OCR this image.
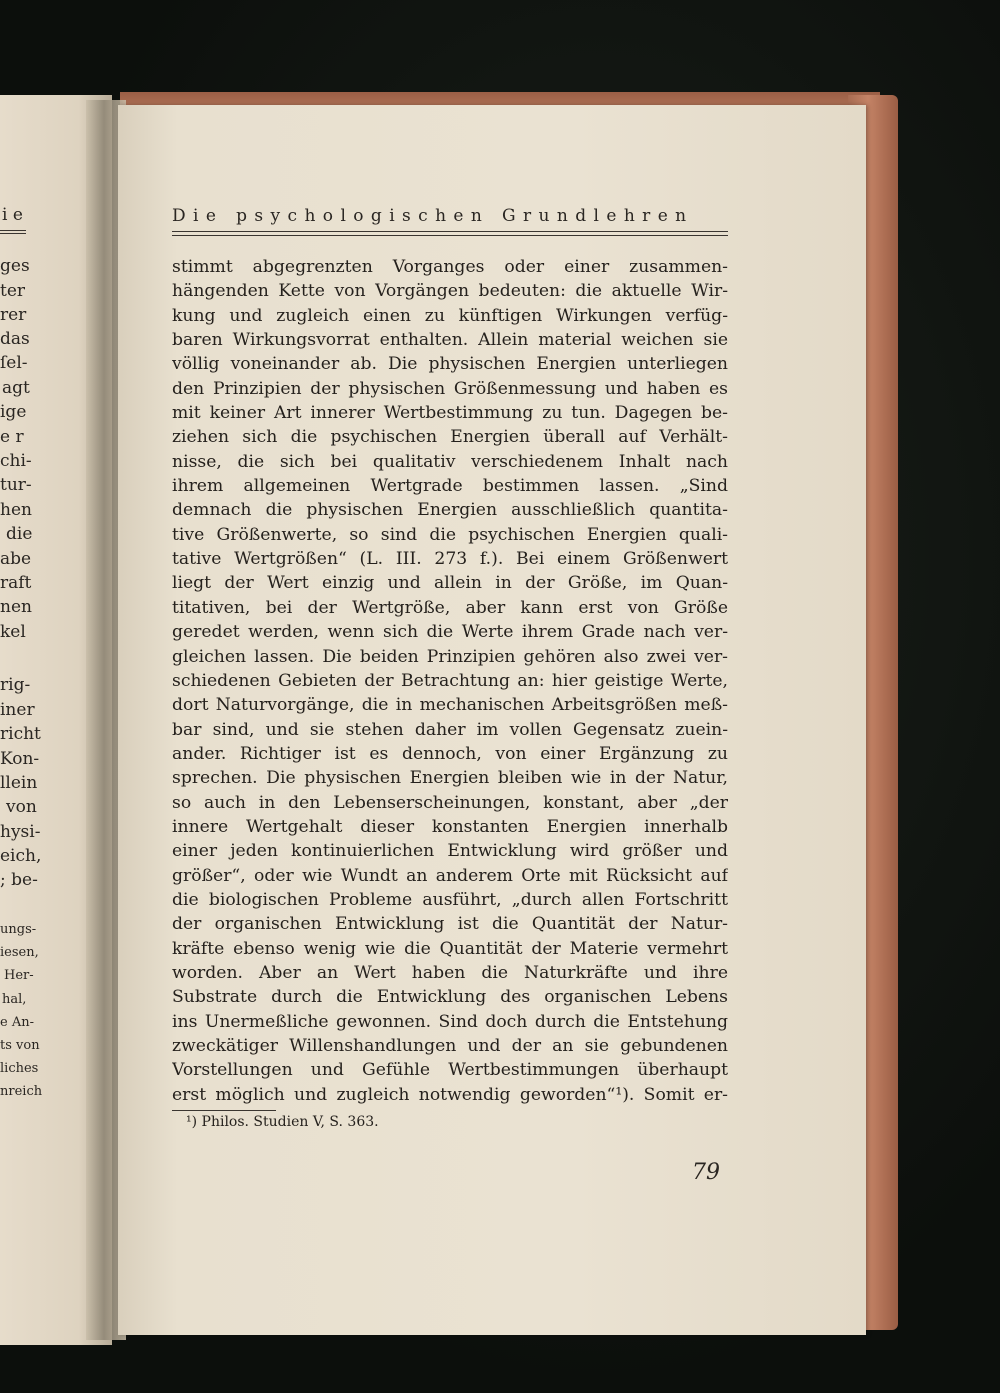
i e
ges
ter
rer
das
ſel-
agt
ige
e r
chi-
tur-
hen
die
abe
raft
nen
kel
rig-
iner
richt
Kon-
llein
von
hysi-
eich,
; be-
ungs-
iesen,
Her-
hal,
e An-
ts von
liches
nreich
Die psychologischen Grundlehren
stimmt abgegrenzten Vorganges oder einer zusammen-
hängenden Kette von Vorgängen bedeuten: die aktuelle Wir-
kung und zugleich einen zu künftigen Wirkungen verfüg-
baren Wirkungsvorrat enthalten. Allein material weichen sie
völlig voneinander ab. Die physischen Energien unterliegen
den Prinzipien der physischen Größenmessung und haben es
mit keiner Art innerer Wertbestimmung zu tun. Dagegen be-
ziehen sich die psychischen Energien überall auf Verhält-
nisse, die sich bei qualitativ verschiedenem Inhalt nach
ihrem allgemeinen Wertgrade bestimmen lassen. „Sind
demnach die physischen Energien ausschließlich quantita-
tive Größenwerte, so sind die psychischen Energien quali-
tative Wertgrößen“ (L. III. 273 f.). Bei einem Größenwert
liegt der Wert einzig und allein in der Größe, im Quan-
titativen, bei der Wertgröße, aber kann erst von Größe
geredet werden, wenn sich die Werte ihrem Grade nach ver-
gleichen lassen. Die beiden Prinzipien gehören also zwei ver-
schiedenen Gebieten der Betrachtung an: hier geistige Werte,
dort Naturvorgänge, die in mechanischen Arbeitsgrößen meß-
bar sind, und sie stehen daher im vollen Gegensatz zuein-
ander. Richtiger ist es dennoch, von einer Ergänzung zu
sprechen. Die physischen Energien bleiben wie in der Natur,
so auch in den Lebenserscheinungen, konstant, aber „der
innere Wertgehalt dieser konstanten Energien innerhalb
einer jeden kontinuierlichen Entwicklung wird größer und
größer“, oder wie Wundt an anderem Orte mit Rücksicht auf
die biologischen Probleme ausführt, „durch allen Fortschritt
der organischen Entwicklung ist die Quantität der Natur-
kräfte ebenso wenig wie die Quantität der Materie vermehrt
worden. Aber an Wert haben die Naturkräfte und ihre
Substrate durch die Entwicklung des organischen Lebens
ins Unermeßliche gewonnen. Sind doch durch die Entstehung
zweckätiger Willenshandlungen und der an sie gebundenen
Vorstellungen und Gefühle Wertbestimmungen überhaupt
erst möglich und zugleich notwendig geworden“¹). Somit er-
¹) Philos. Studien V, S. 363.
79
